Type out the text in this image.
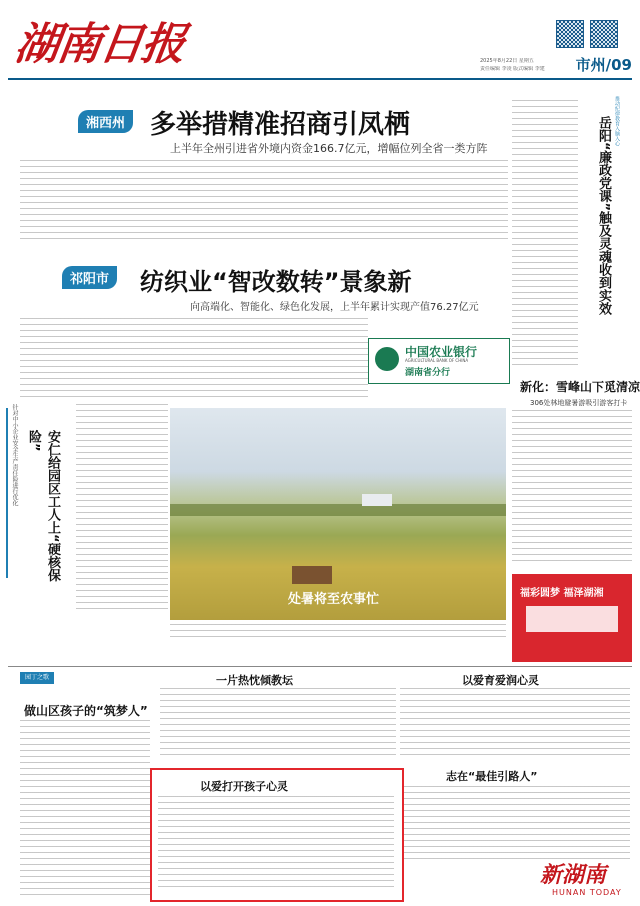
湖南日报	2025年8月22日 星期五
责任编辑 李凌 版式编辑 李建	市州/09
湘西州 多举措精准招商引凤栖
上半年全州引进省外境内资金166.7亿元，增幅位列全省一类方阵
祁阳市	纺织业“智改数转”景象新
向高端化、智能化、绿色化发展，上半年累计实现产值76.27亿元
中国农业银行
AGRICULTURAL BANK OF CHINA
湖南省分行
针对中小企业安全生产责任险进行优化	安仁给园区工人上“硬核保险”
处暑将至农事忙
推动纪律教育入脑入心
岳阳“廉政党课”触及灵魂收到实效
新化：雪峰山下觅清凉
306处林地避暑游吸引游客打卡
福彩圆梦 福泽湖湘
园丁之歌
做山区孩子的“筑梦人”
一片热忱倾教坛	以爱育爱润心灵
以爱打开孩子心灵
志在“最佳引路人”
新湖南
HUNAN TODAY
